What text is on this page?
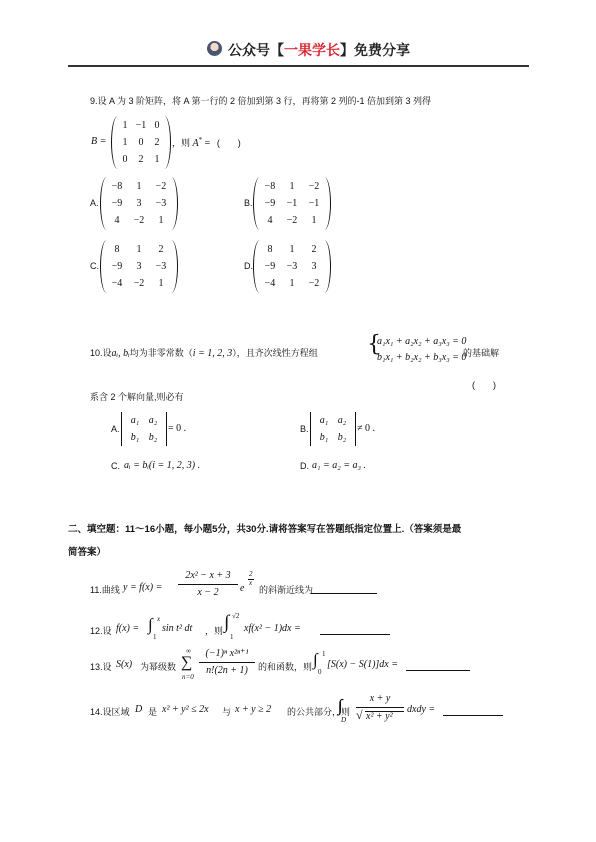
公众号【一果学长】免费分享
9.设 A 为 3 阶矩阵，将 A 第一行的 2 倍加到第 3 行，再将第 2 列的-1 倍加到第 3 列得
B =
1 −1 0
1	0	2
0	2	1
，则 A* = (　　)
A.
−8	1	−2
−9	3	−3
4	−2	1
B.
−8	1	−2
−9	−1	−1
4	−2	1
C.
8	1	2
−9	3	−3
−4	−2	1
D.
8	1	2
−9	−3	3
−4	1	−2
10.设aᵢ, bᵢ均为非零常数（i = 1, 2, 3），且齐次线性方程组 {
a₁x₁ + a₂x₂ + a₃x₃ = 0
b₁x₁ + b₂x₂ + b₃x₃ = 0
的基础解
(　　)
系含 2 个解向量,则必有
A.
a₁ a₂
b₁ b₂
= 0 .	B.
a₁ a₂
b₁ b₂
≠ 0 .
C. aᵢ = bᵢ(i = 1, 2, 3) .	D. a₁ = a₂ = a₃ .
二、填空题：11～16小题，每小题5分，共30分.请将答案写在答题纸指定位置上.（答案须是最
简答案）
11.曲线 y = f(x) =
2x² − x + 3
x − 2	e
2
x
的斜渐近线为
12.设 f(x) = ∫ x
1
sin t² dt ，则 ∫ √2
1
xf(x² − 1)dx =
13.设 S(x) 为幂级数
∞
∑
n=0
(−1)ⁿ x²ⁿ⁺¹
n!(2n + 1)	的和函数，则 ∫ 1
0
[S(x) − S(1)]dx =
14.设区域 D 是 x² + y² ≤ 2x 与 x + y ≥ 2 的公共部分，则
D
x + y
√ x² + y²
dxdy =
